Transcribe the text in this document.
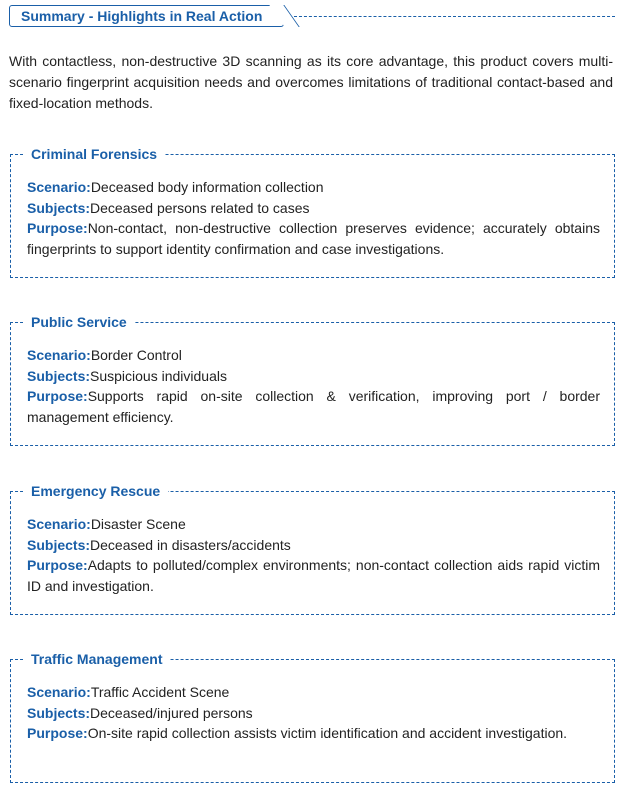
Summary - Highlights in Real Action

With contactless, non-destructive 3D scanning as its core advantage, this product covers multi-scenario fingerprint acquisition needs and overcomes limitations of traditional contact-based and fixed-location methods.

Criminal Forensics

Scenario:Deceased body information collection

Subjects:Deceased persons related to cases

Purpose:Non-contact, non-destructive collection preserves evidence; accurately obtains fingerprints to support identity confirmation and case investigations.

Public Service

Scenario:Border Control

Subjects:Suspicious individuals

Purpose:Supports rapid on-site collection & verification, improving port / border management efficiency.

Emergency Rescue

Scenario:Disaster Scene

Subjects:Deceased in disasters/accidents

Purpose:Adapts to polluted/complex environments; non-contact collection aids rapid victim ID and investigation.

Traffic Management

Scenario:Traffic Accident Scene

Subjects:Deceased/injured persons

Purpose:On-site rapid collection assists victim identification and accident investigation.
